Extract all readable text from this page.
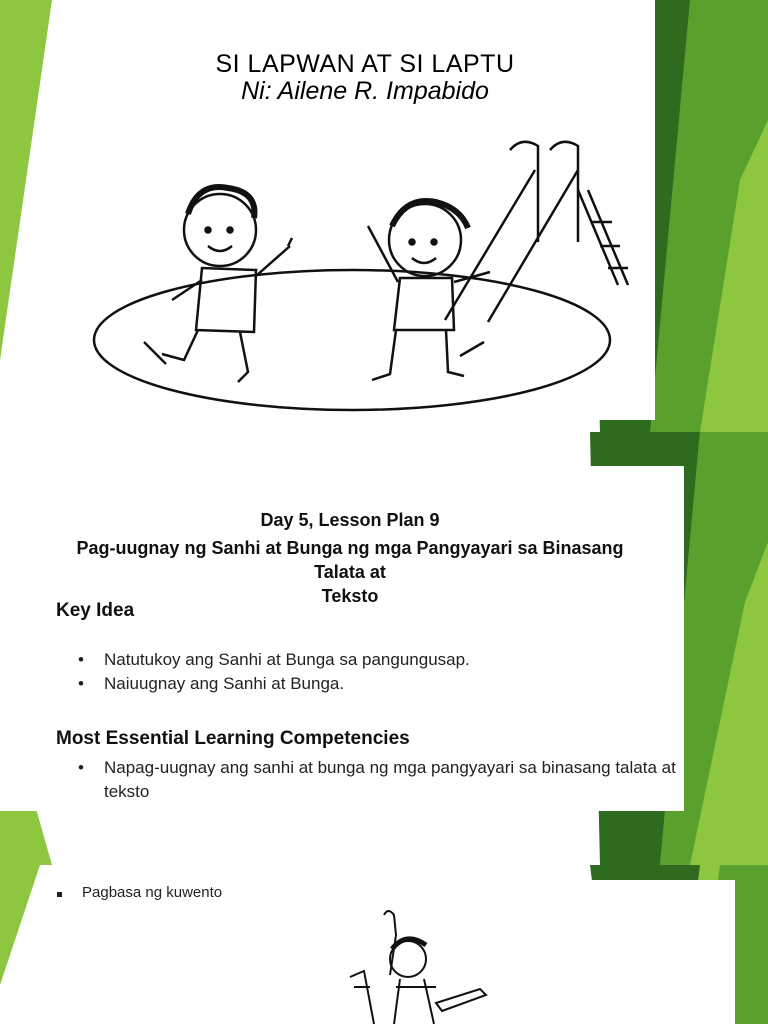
SI LAPWAN AT SI LAPTU
Ni: Ailene R. Impabido
Day 5, Lesson Plan 9
Pag-uugnay ng Sanhi at Bunga ng mga Pangyayari sa Binasang Talata at
Teksto
Key Idea
• Natutukoy ang Sanhi at Bunga sa pangungusap.
• Naiuugnay ang Sanhi at Bunga.
Most Essential Learning Competencies
• Napag-uugnay ang sanhi at bunga ng mga pangyayari sa binasang talata at
teksto
Pagbasa ng kuwento
